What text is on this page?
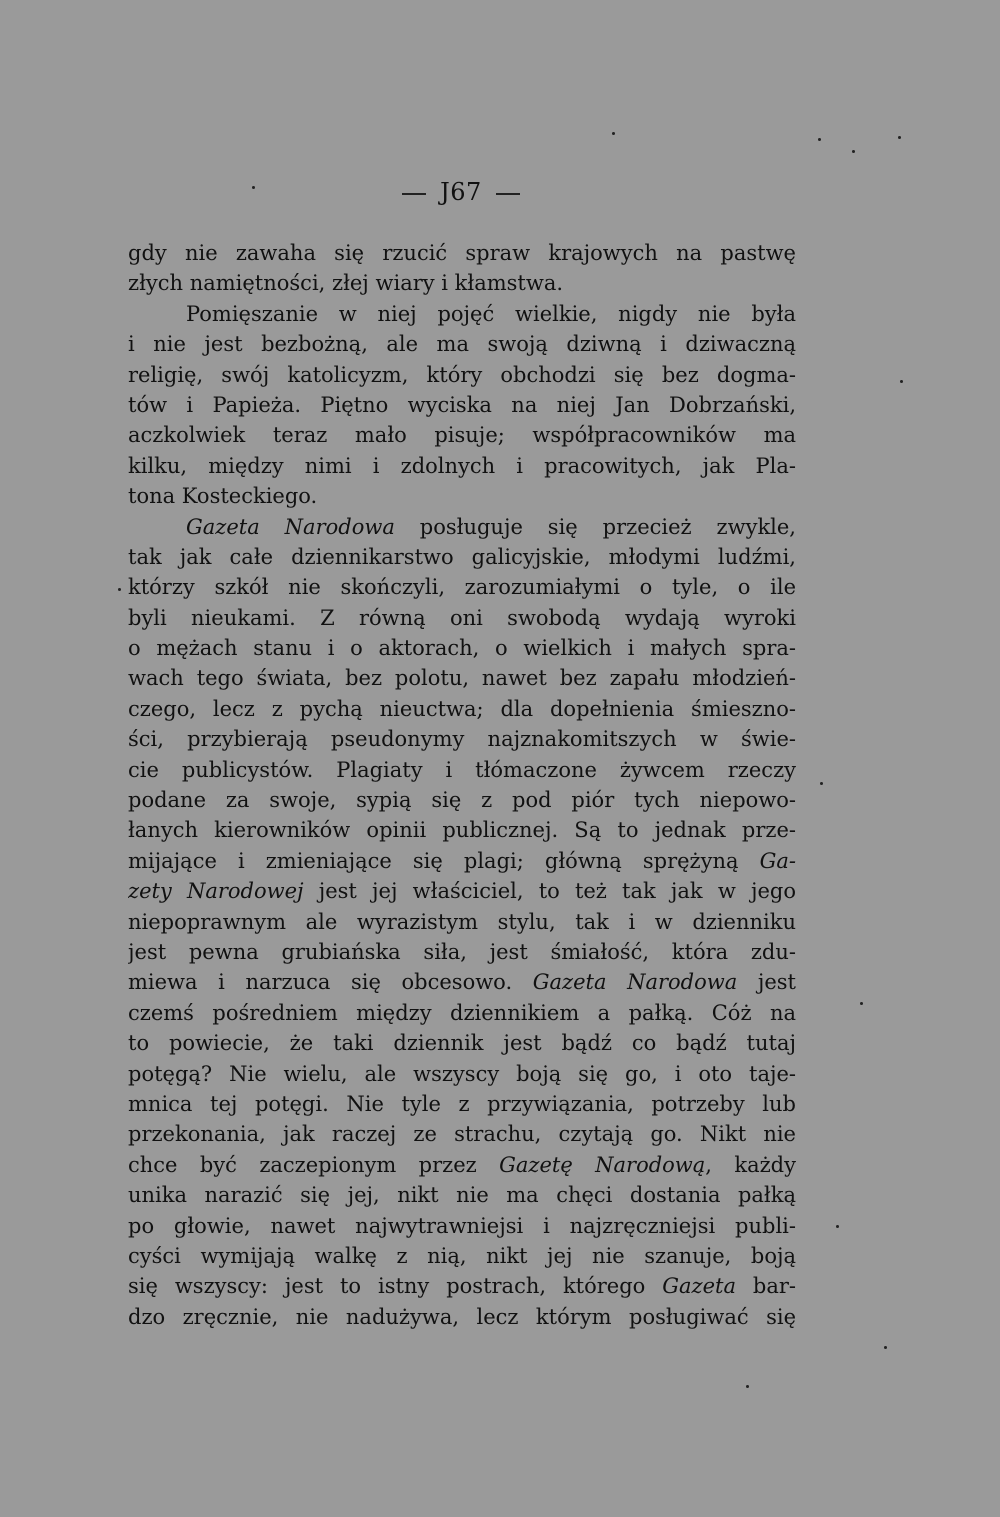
J67
gdy nie zawaha się rzucić spraw krajowych na pastwę
złych namiętności, złej wiary i kłamstwa.
Pomięszanie w niej pojęć wielkie, nigdy nie była
i nie jest bezbożną, ale ma swoją dziwną i dziwaczną
religię, swój katolicyzm, który obchodzi się bez dogma-
tów i Papieża. Piętno wyciska na niej Jan Dobrzański,
aczkolwiek teraz mało pisuje; współpracowników ma
kilku, między nimi i zdolnych i pracowitych, jak Pla-
tona Kosteckiego.
Gazeta Narodowa posługuje się przecież zwykle,
tak jak całe dziennikarstwo galicyjskie, młodymi ludźmi,
którzy szkół nie skończyli, zarozumiałymi o tyle, o ile
byli nieukami. Z równą oni swobodą wydają wyroki
o mężach stanu i o aktorach, o wielkich i małych spra-
wach tego świata, bez polotu, nawet bez zapału młodzień-
czego, lecz z pychą nieuctwa; dla dopełnienia śmieszno-
ści, przybierają pseudonymy najznakomitszych w świe-
cie publicystów. Plagiaty i tłómaczone żywcem rzeczy
podane za swoje, sypią się z pod piór tych niepowo-
łanych kierowników opinii publicznej. Są to jednak prze-
mijające i zmieniające się plagi; główną sprężyną Ga-
zety Narodowej jest jej właściciel, to też tak jak w jego
niepoprawnym ale wyrazistym stylu, tak i w dzienniku
jest pewna grubiańska siła, jest śmiałość, która zdu-
miewa i narzuca się obcesowo. Gazeta Narodowa jest
czemś pośredniem między dziennikiem a pałką. Cóż na
to powiecie, że taki dziennik jest bądź co bądź tutaj
potęgą? Nie wielu, ale wszyscy boją się go, i oto taje-
mnica tej potęgi. Nie tyle z przywiązania, potrzeby lub
przekonania, jak raczej ze strachu, czytają go. Nikt nie
chce być zaczepionym przez Gazetę Narodową, każdy
unika narazić się jej, nikt nie ma chęci dostania pałką
po głowie, nawet najwytrawniejsi i najzręczniejsi publi-
cyści wymijają walkę z nią, nikt jej nie szanuje, boją
się wszyscy: jest to istny postrach, którego Gazeta bar-
dzo zręcznie, nie nadużywa, lecz którym posługiwać się
